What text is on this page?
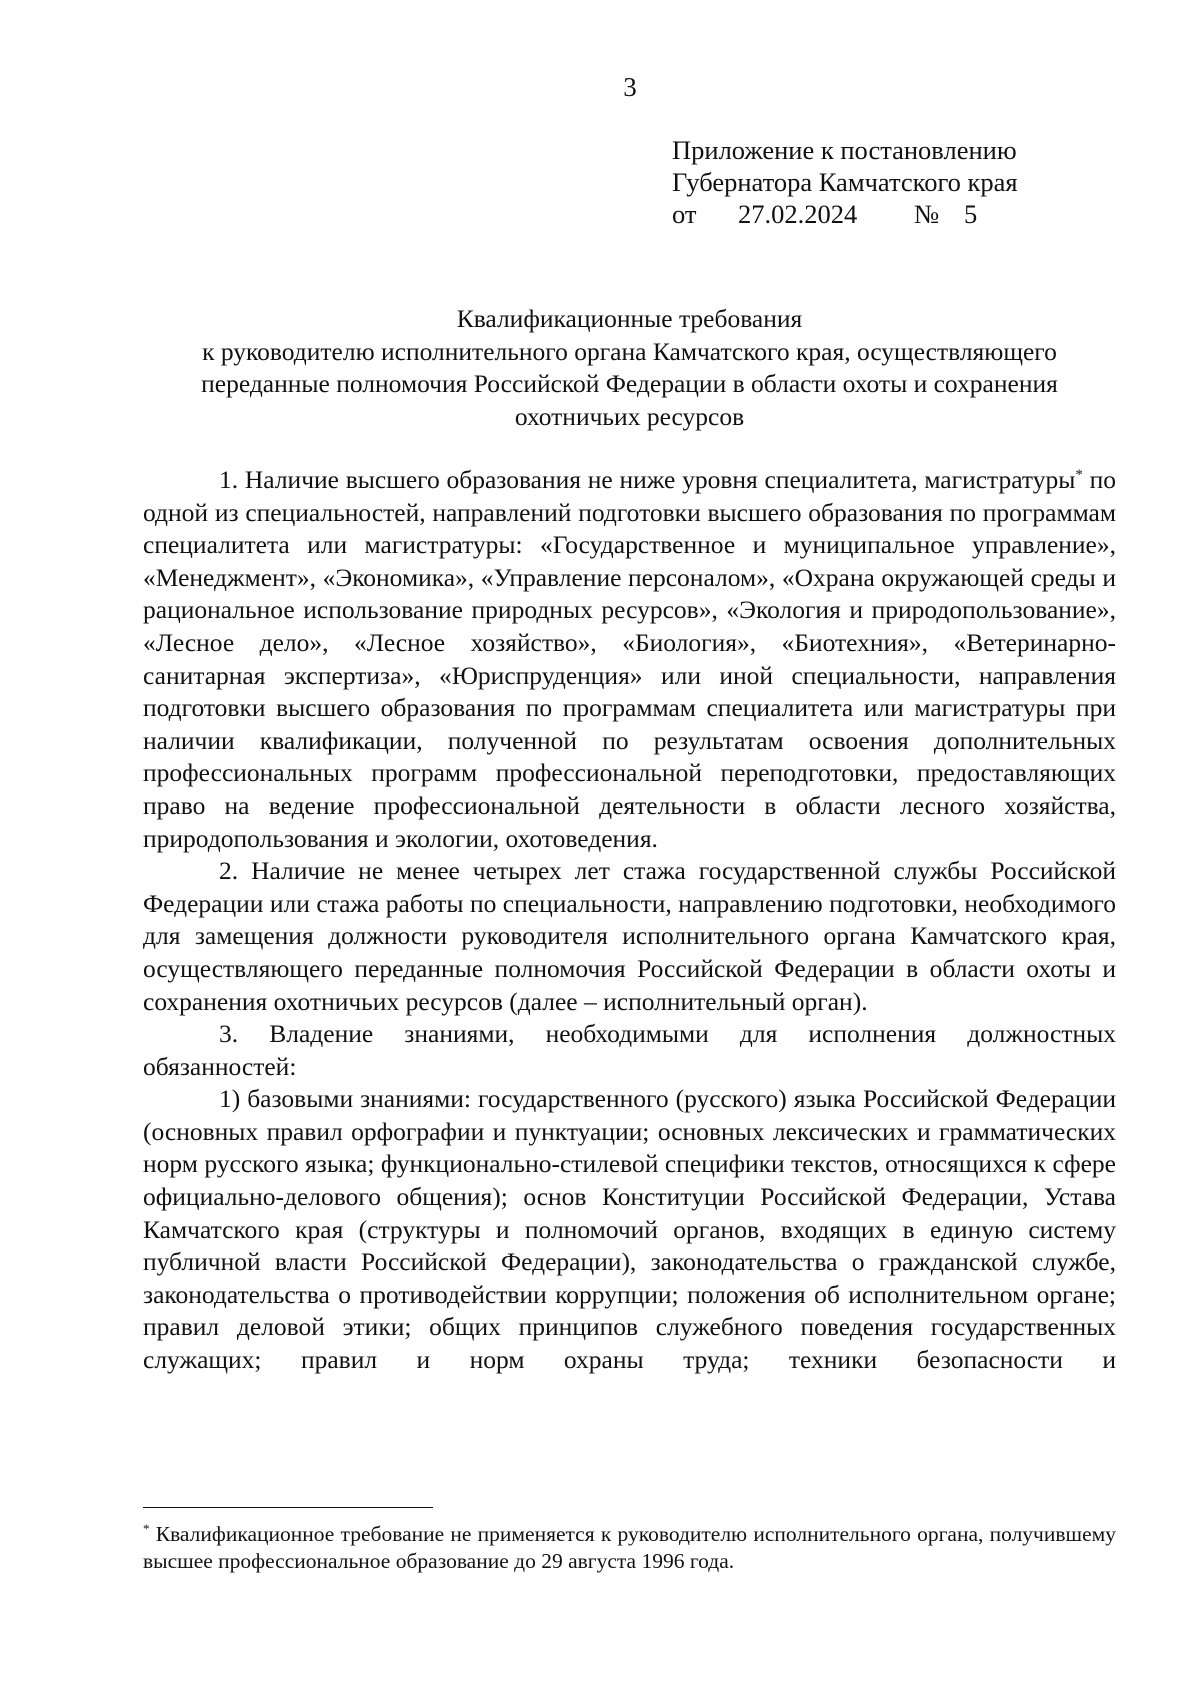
3
Приложение к постановлению
Губернатора Камчатского края
от 27.02.2024 № 5
Квалификационные требования
к руководителю исполнительного органа Камчатского края, осуществляющего
переданные полномочия Российской Федерации в области охоты и сохранения
охотничьих ресурсов

1. Наличие высшего образования не ниже уровня специалитета, магистратуры* по одной из специальностей, направлений подготовки высшего образования по программам специалитета или магистратуры: «Государственное и муниципальное управление», «Менеджмент», «Экономика», «Управление персоналом», «Охрана окружающей среды и рациональное использование природных ресурсов», «Экология и природопользование», «Лесное дело», «Лесное хозяйство», «Биология», «Биотехния», «Ветеринарно-санитарная экспертиза», «Юриспруденция» или иной специальности, направления подготовки высшего образования по программам специалитета или магистратуры при наличии квалификации, полученной по результатам освоения дополнительных профессиональных программ профессиональной переподготовки, предоставляющих право на ведение профессиональной деятельности в области лесного хозяйства, природопользования и экологии, охотоведения.

2. Наличие не менее четырех лет стажа государственной службы Российской Федерации или стажа работы по специальности, направлению подготовки, необходимого для замещения должности руководителя исполнительного органа Камчатского края, осуществляющего переданные полномочия Российской Федерации в области охоты и сохранения охотничьих ресурсов (далее – исполнительный орган).

3. Владение знаниями, необходимыми для исполнения должностных обязанностей:

1) базовыми знаниями: государственного (русского) языка Российской Федерации (основных правил орфографии и пунктуации; основных лексических и грамматических норм русского языка; функционально-стилевой специфики текстов, относящихся к сфере официально-делового общения); основ Конституции Российской Федерации, Устава Камчатского края (структуры и полномочий органов, входящих в единую систему публичной власти Российской Федерации), законодательства о гражданской службе, законодательства о противодействии коррупции; положения об исполнительном органе; правил деловой этики; общих принципов служебного поведения государственных служащих; правил и норм охраны труда; техники безопасности и

* Квалификационное требование не применяется к руководителю исполнительного органа, получившему высшее профессиональное образование до 29 августа 1996 года.
